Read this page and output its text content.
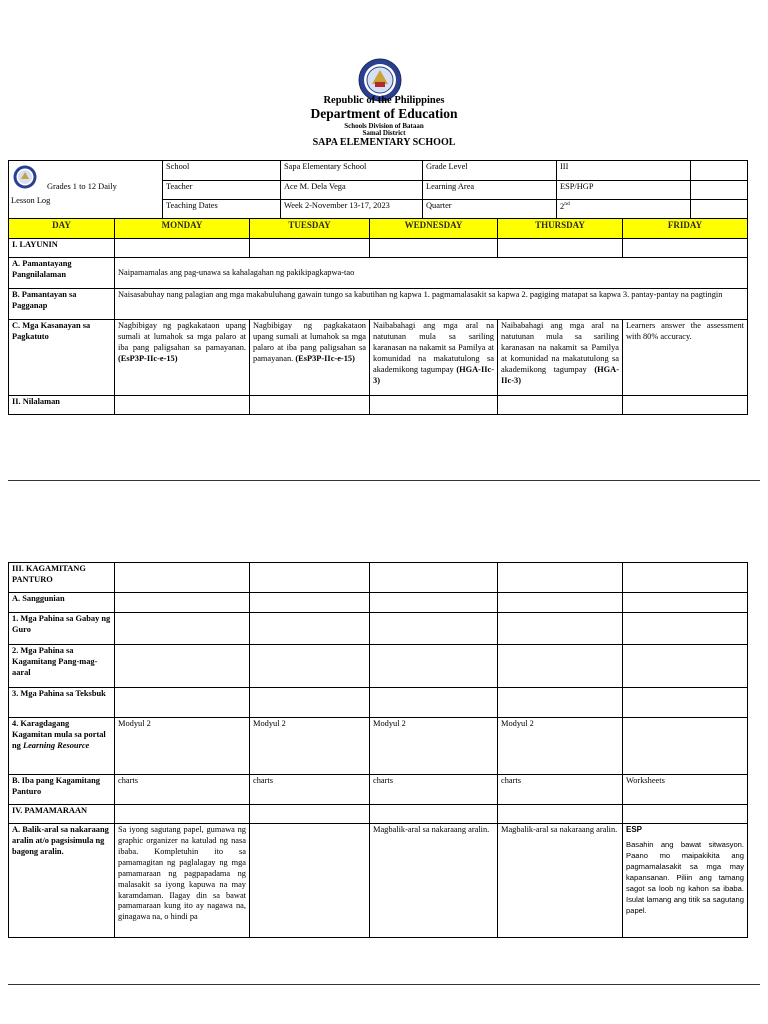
Republic of the Philippines
Department of Education
Schools Division of Bataan
Samal District
SAPA ELEMENTARY SCHOOL
Grades 1 to 12 Daily
Lesson Log	School	Sapa Elementary School	Grade Level	III	
	Teacher	Ace M. Dela Vega	Learning Area	ESP/HGP	
	Teaching Dates	Week 2-November 13-17, 2023	Quarter	2nd	
DAY	MONDAY	TUESDAY	WEDNESDAY	THURSDAY	FRIDAY
I. LAYUNIN					
A. Pamantayang Pangnilalaman	Naipamamalas ang pag-unawa sa kahalagahan ng pakikipagkapwa-tao				
B. Pamantayan sa Pagganap	Naisasabuhay nang palagian ang mga makabuluhang gawain tungo sa kabutihan ng kapwa 1. pagmamalasakit sa kapwa 2. pagiging matapat sa kapwa 3. pantay-pantay na pagtingin				
C. Mga Kasanayan sa Pagkatuto	Nagbibigay ng pagkakataon upang sumali at lumahok sa mga palaro at iba pang paligsahan sa pamayanan. (EsP3P-IIc-e-15)	Nagbibigay ng pagkakataon upang sumali at lumahok sa mga palaro at iba pang paligsahan sa pamayanan. (EsP3P-IIc-e-15)	Naibabahagi ang mga aral na natutunan mula sa sariling karanasan na nakamit sa Pamilya at komunidad na makatutulong sa akademikong tagumpay (HGA-IIc-3)	Naibabahagi ang mga aral na natutunan mula sa sariling karanasan na nakamit sa Pamilya at komunidad na makatutulong sa akademikong tagumpay (HGA-IIc-3)	Learners answer the assessment with 80% accuracy.
II. Nilalaman					
III. KAGAMITANG PANTURO					
A. Sanggunian					
1. Mga Pahina sa Gabay ng Guro					
2. Mga Pahina sa Kagamitang Pang-mag-aaral					
3. Mga Pahina sa Teksbuk					
4. Karagdagang Kagamitan mula sa portal ng Learning Resource	Modyul 2	Modyul 2	Modyul 2	Modyul 2	
B. Iba pang Kagamitang Panturo	charts	charts	charts	charts	Worksheets
IV. PAMAMARAAN					
A. Balik-aral sa nakaraang aralin at/o pagsisimula ng bagong aralin.	Sa iyong sagutang papel, gumawa ng graphic organizer na katulad ng nasa ibaba. Kompletuhin ito sa pamamagitan ng paglalagay ng mga pamamaraan ng pagpapadama ng malasakit sa iyong kapuwa na may karamdaman. Ilagay din sa bawat pamamaraan kung ito ay nagawa na, ginagawa na, o hindi pa		Magbalik-aral sa nakaraang aralin.	Magbalik-aral sa nakaraang aralin.	ESP
Basahin ang bawat sitwasyon. Paano mo maipakikita ang pagmamalasakit sa mga may kapansanan. Piliin ang tamang sagot sa loob ng kahon sa ibaba. Isulat lamang ang titik sa sagutang papel.
